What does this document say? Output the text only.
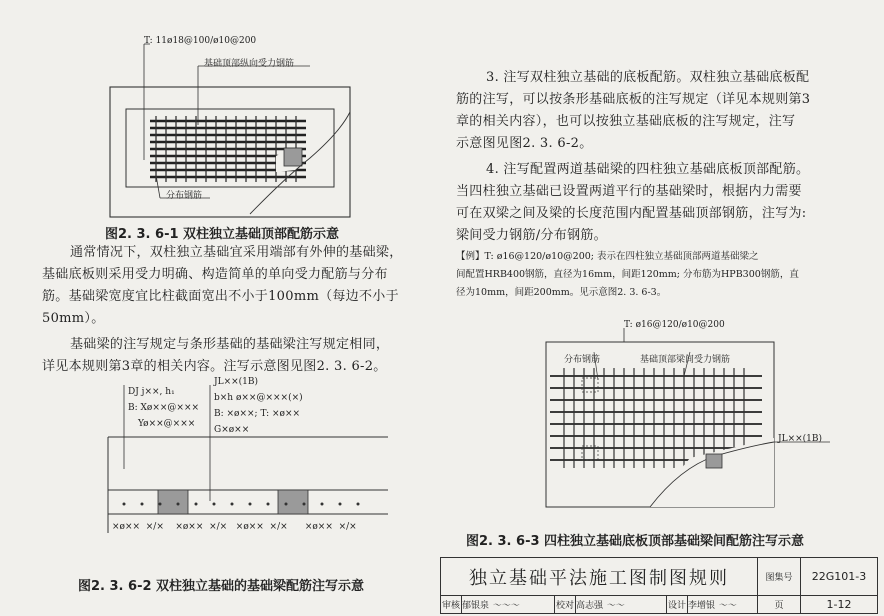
T: 11ø18@100/ø10@200
基础顶部纵向受力钢筋
分布钢筋
图2. 3. 6-1 双柱独立基础顶部配筋示意
通常情况下，双柱独立基础宜采用端部有外伸的基础梁，
基础底板则采用受力明确、构造简单的单向受力配筋与分布
筋。基础梁宽度宜比柱截面宽出不小于100mm（每边不小于
50mm）。
基础梁的注写规定与条形基础的基础梁注写规定相同，
详见本规则第3章的相关内容。注写示意图见图2. 3. 6-2。
DJ j××, h₁
B: Xø××@×××
Yø××@×××
JL××(1B)
b×h ø××@×××(×)
B: ×ø××; T: ×ø××
G×ø××
×ø××  ×/×    ×ø××  ×/×   ×ø××  ×/×      ×ø××  ×/×
图2. 3. 6-2 双柱独立基础的基础梁配筋注写示意
3. 注写双柱独立基础的底板配筋。双柱独立基础底板配
筋的注写，可以按条形基础底板的注写规定（详见本规则第3
章的相关内容），也可以按独立基础底板的注写规定，注写
示意图见图2. 3. 6-2。
4. 注写配置两道基础梁的四柱独立基础底板顶部配筋。
当四柱独立基础已设置两道平行的基础梁时，根据内力需要
可在双梁之间及梁的长度范围内配置基础顶部钢筋，注写为:
梁间受力钢筋/分布钢筋。
【例】T: ø16@120/ø10@200; 表示在四柱独立基础顶部两道基础梁之
间配置HRB400钢筋，直径为16mm，间距120mm; 分布筋为HPB300钢筋，直
径为10mm，间距200mm。见示意图2. 3. 6-3。
T: ø16@120/ø10@200
分布钢筋	基础顶部梁间受力钢筋
JL××(1B)
图2. 3. 6-3 四柱独立基础底板顶部基础梁间配筋注写示意
独立基础平法施工图制图规则						图集号	22G101-3
审核	郁银泉 〜〜〜	校对	高志强 〜〜	设计	李增银 〜〜	页	1-12
